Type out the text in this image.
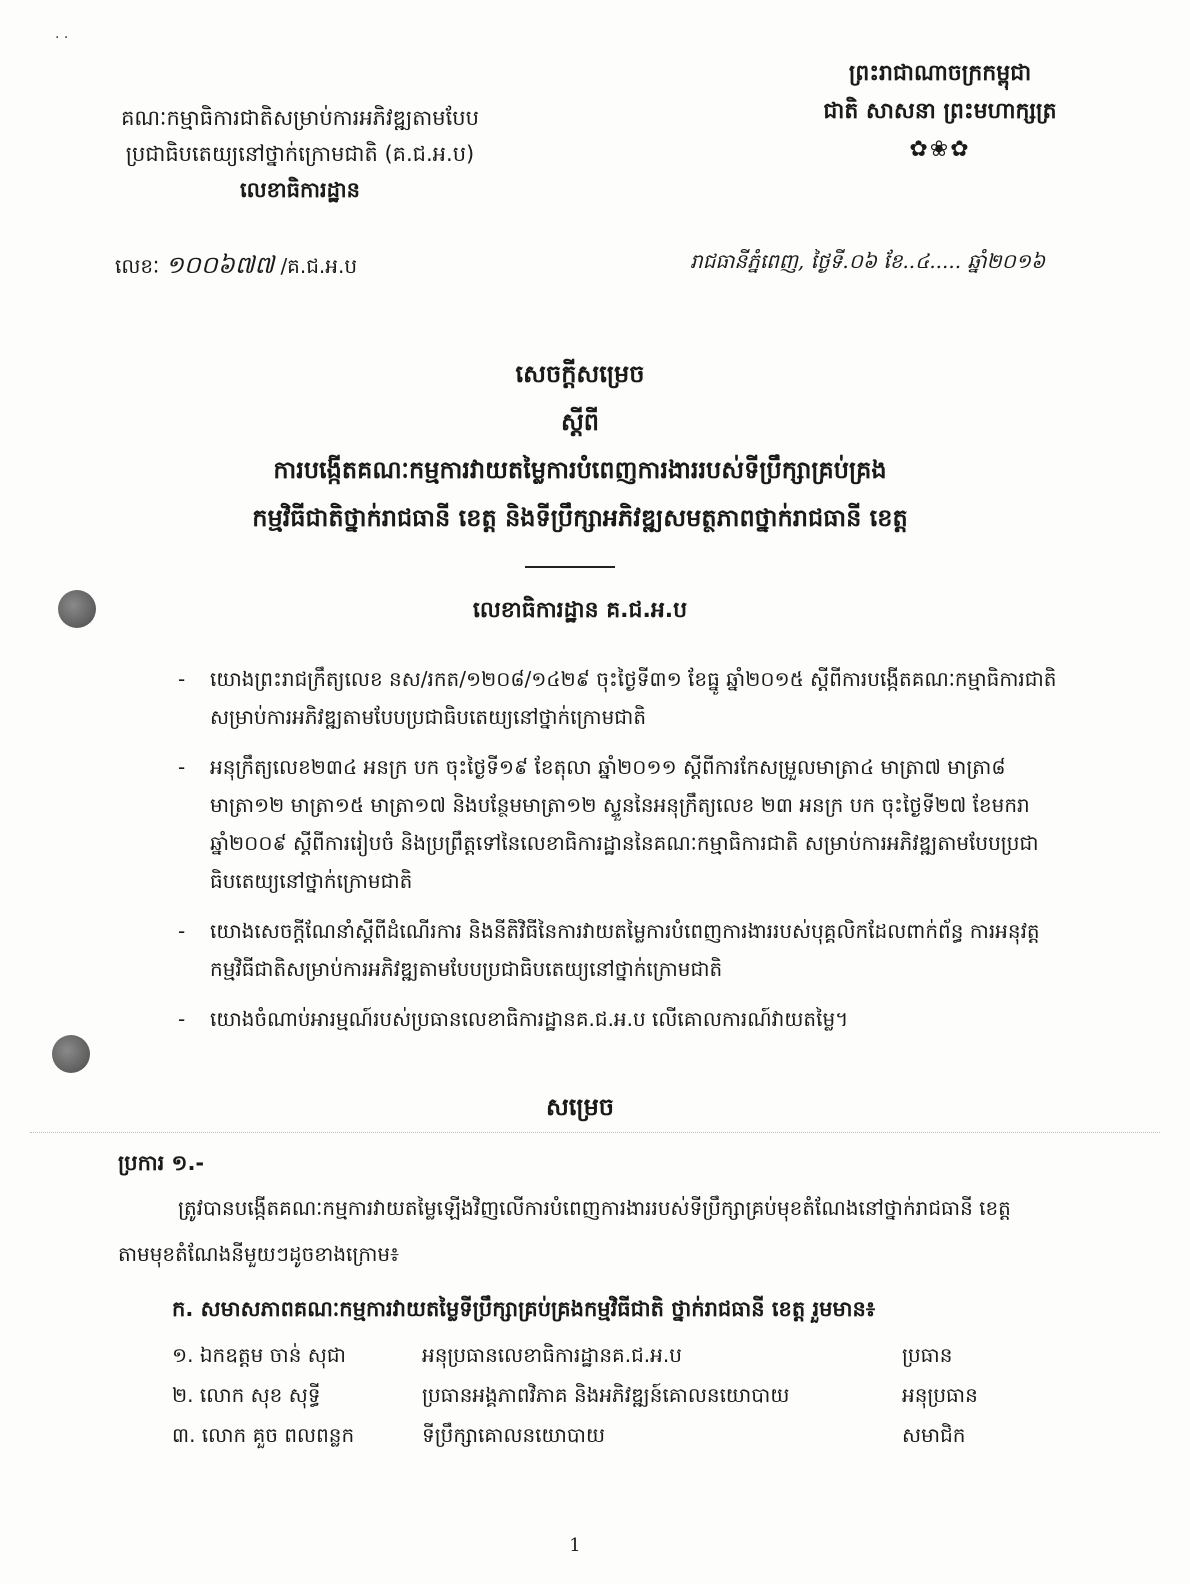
· ·
គណៈកម្មាធិការជាតិសម្រាប់ការអភិវឌ្ឍតាមបែប
ប្រជាធិបតេយ្យនៅថ្នាក់ក្រោមជាតិ (គ.ជ.អ.ប)
លេខាធិការដ្ឋាន
ព្រះរាជាណាចក្រកម្ពុជា
ជាតិ សាសនា ព្រះមហាក្សត្រ
✿❀✿
លេខៈ ១០០៦៧៧ /គ.ជ.អ.ប	រាជធានីភ្នំពេញ, ថ្ងៃទី.០៦ ខែ..៤..... ឆ្នាំ២០១៦
សេចក្តីសម្រេច
ស្តីពី
ការបង្កើតគណៈកម្មការវាយតម្លៃការបំពេញការងាររបស់ទីប្រឹក្សាគ្រប់គ្រង
កម្មវិធីជាតិថ្នាក់រាជធានី ខេត្ត និងទីប្រឹក្សាអភិវឌ្ឍសមត្ថភាពថ្នាក់រាជធានី ខេត្ត
លេខាធិការដ្ឋាន គ.ជ.អ.ប
- យោងព្រះរាជក្រឹត្យលេខ នស/រកត/១២០៨/១៤២៩ ចុះថ្ងៃទី៣១ ខែធ្នូ ឆ្នាំ២០១៥ ស្តីពីការបង្កើតគណៈកម្មាធិការជាតិ សម្រាប់ការអភិវឌ្ឍតាមបែបប្រជាធិបតេយ្យនៅថ្នាក់ក្រោមជាតិ
- អនុក្រឹត្យលេខ២៣៤ អនក្រ បក ចុះថ្ងៃទី១៩ ខែតុលា ឆ្នាំ២០១១ ស្តីពីការកែសម្រួលមាត្រា៤ មាត្រា៧ មាត្រា៨ មាត្រា១២ មាត្រា១៥ មាត្រា១៧ និងបន្ថែមមាត្រា១២ ស្ទួននៃអនុក្រឹត្យលេខ ២៣ អនក្រ បក ចុះថ្ងៃទី២៧ ខែមករា ឆ្នាំ២០០៩ ស្តីពីការរៀបចំ និងប្រព្រឹត្តទៅនៃលេខាធិការដ្ឋាននៃគណៈកម្មាធិការជាតិ សម្រាប់ការអភិវឌ្ឍតាមបែបប្រជាធិបតេយ្យនៅថ្នាក់ក្រោមជាតិ
- យោងសេចក្តីណែនាំស្តីពីដំណើរការ និងនីតិវិធីនៃការវាយតម្លៃការបំពេញការងាររបស់បុគ្គលិកដែលពាក់ព័ន្ធ ការអនុវត្តកម្មវិធីជាតិសម្រាប់ការអភិវឌ្ឍតាមបែបប្រជាធិបតេយ្យនៅថ្នាក់ក្រោមជាតិ
- យោងចំណាប់អារម្មណ៍របស់ប្រធានលេខាធិការដ្ឋានគ.ជ.អ.ប លើគោលការណ៍វាយតម្លៃ។
សម្រេច
ប្រការ ១.-
ត្រូវបានបង្កើតគណៈកម្មការវាយតម្លៃឡើងវិញលើការបំពេញការងាររបស់ទីប្រឹក្សាគ្រប់មុខតំណែងនៅថ្នាក់រាជធានី ខេត្ត តាមមុខតំណែងនីមួយៗដូចខាងក្រោម៖
ក. សមាសភាពគណៈកម្មការវាយតម្លៃទីប្រឹក្សាគ្រប់គ្រងកម្មវិធីជាតិ ថ្នាក់រាជធានី ខេត្ត រួមមាន៖
១. ឯកឧត្តម ចាន់ សុជា	អនុប្រធានលេខាធិការដ្ឋានគ.ជ.អ.ប	ប្រធាន
២. លោក សុខ សុទ្ធី	ប្រធានអង្គភាពវិភាគ និងអភិវឌ្ឍន៍គោលនយោបាយ	អនុប្រធាន
៣. លោក គួច ពលពន្លក	ទីប្រឹក្សាគោលនយោបាយ	សមាជិក
1
